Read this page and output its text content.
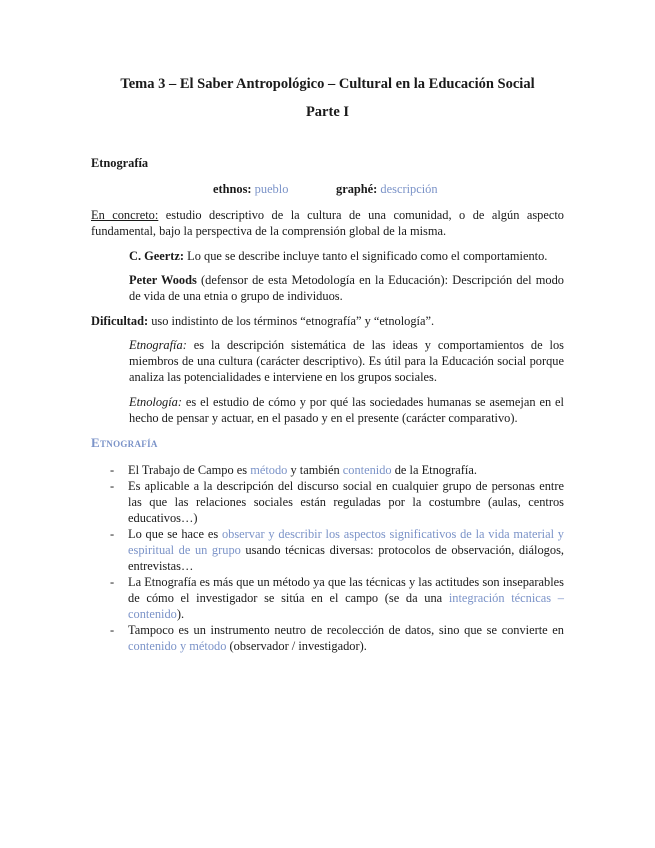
Tema 3 – El Saber Antropológico – Cultural en la Educación Social
Parte I
Etnografía
ethnos: pueblo	graphé: descripción
En concreto: estudio descriptivo de la cultura de una comunidad, o de algún aspecto fundamental, bajo la perspectiva de la comprensión global de la misma.
C. Geertz: Lo que se describe incluye tanto el significado como el comportamiento.
Peter Woods (defensor de esta Metodología en la Educación): Descripción del modo de vida de una etnia o grupo de individuos.
Dificultad: uso indistinto de los términos “etnografía” y “etnología”.
Etnografía: es la descripción sistemática de las ideas y comportamientos de los miembros de una cultura (carácter descriptivo). Es útil para la Educación social porque analiza las potencialidades e interviene en los grupos sociales.
Etnología: es el estudio de cómo y por qué las sociedades humanas se asemejan en el hecho de pensar y actuar, en el pasado y en el presente (carácter comparativo).
Etnografía
- El Trabajo de Campo es método y también contenido de la Etnografía.
- Es aplicable a la descripción del discurso social en cualquier grupo de personas entre las que las relaciones sociales están reguladas por la costumbre (aulas, centros educativos…)
- Lo que se hace es observar y describir los aspectos significativos de la vida material y espiritual de un grupo usando técnicas diversas: protocolos de observación, diálogos, entrevistas…
- La Etnografía es más que un método ya que las técnicas y las actitudes son inseparables de cómo el investigador se sitúa en el campo (se da una integración técnicas – contenido).
- Tampoco es un instrumento neutro de recolección de datos, sino que se convierte en contenido y método (observador / investigador).
